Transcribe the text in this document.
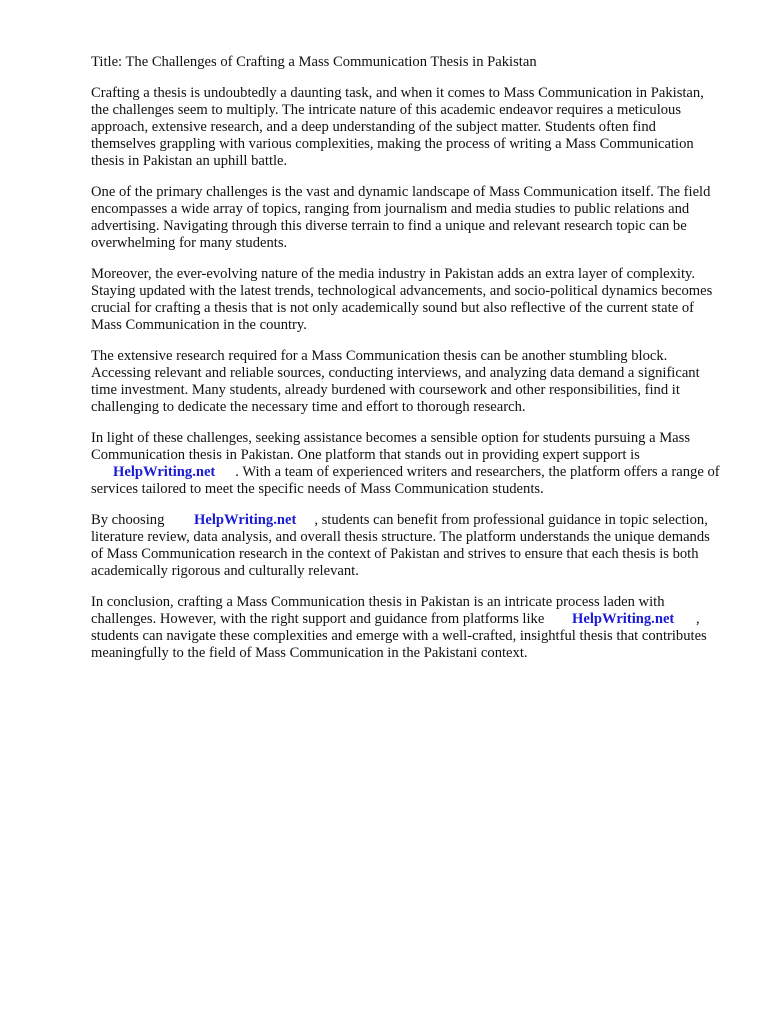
Title: The Challenges of Crafting a Mass Communication Thesis in Pakistan

Crafting a thesis is undoubtedly a daunting task, and when it comes to Mass Communication in Pakistan, the challenges seem to multiply. The intricate nature of this academic endeavor requires a meticulous approach, extensive research, and a deep understanding of the subject matter. Students often find themselves grappling with various complexities, making the process of writing a Mass Communication thesis in Pakistan an uphill battle.

One of the primary challenges is the vast and dynamic landscape of Mass Communication itself. The field encompasses a wide array of topics, ranging from journalism and media studies to public relations and advertising. Navigating through this diverse terrain to find a unique and relevant research topic can be overwhelming for many students.

Moreover, the ever-evolving nature of the media industry in Pakistan adds an extra layer of complexity. Staying updated with the latest trends, technological advancements, and socio-political dynamics becomes crucial for crafting a thesis that is not only academically sound but also reflective of the current state of Mass Communication in the country.

The extensive research required for a Mass Communication thesis can be another stumbling block. Accessing relevant and reliable sources, conducting interviews, and analyzing data demand a significant time investment. Many students, already burdened with coursework and other responsibilities, find it challenging to dedicate the necessary time and effort to thorough research.

In light of these challenges, seeking assistance becomes a sensible option for students pursuing a Mass Communication thesis in Pakistan. One platform that stands out in providing expert support is HelpWriting.net . With a team of experienced writers and researchers, the platform offers a range of services tailored to meet the specific needs of Mass Communication students.

By choosing HelpWriting.net , students can benefit from professional guidance in topic selection, literature review, data analysis, and overall thesis structure. The platform understands the unique demands of Mass Communication research in the context of Pakistan and strives to ensure that each thesis is both academically rigorous and culturally relevant.

In conclusion, crafting a Mass Communication thesis in Pakistan is an intricate process laden with challenges. However, with the right support and guidance from platforms like HelpWriting.net , students can navigate these complexities and emerge with a well-crafted, insightful thesis that contributes meaningfully to the field of Mass Communication in the Pakistani context.
